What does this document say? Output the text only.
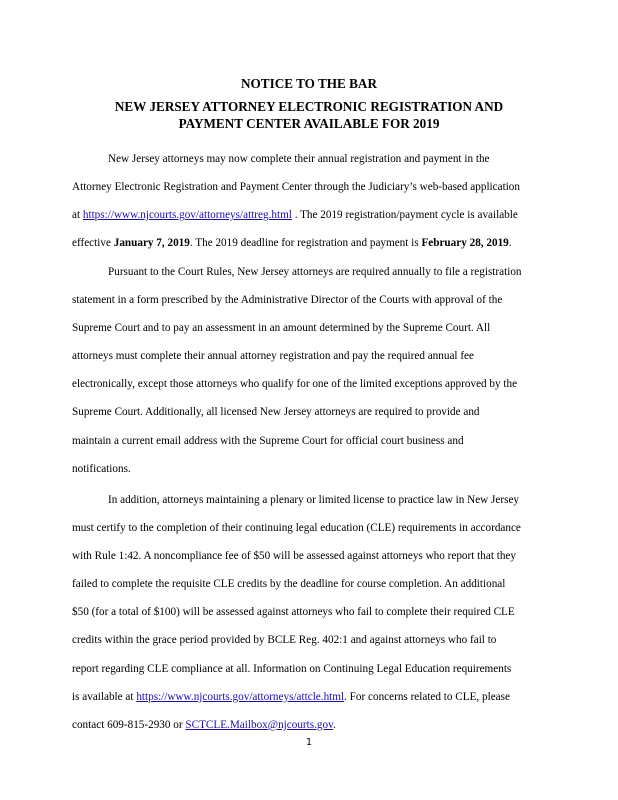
NOTICE TO THE BAR
NEW JERSEY ATTORNEY ELECTRONIC REGISTRATION AND
PAYMENT CENTER AVAILABLE FOR 2019

New Jersey attorneys may now complete their annual registration and payment in the
Attorney Electronic Registration and Payment Center through the Judiciary’s web-based application
at https://www.njcourts.gov/attorneys/attreg.html . The 2019 registration/payment cycle is available
effective January 7, 2019. The 2019 deadline for registration and payment is February 28, 2019.

Pursuant to the Court Rules, New Jersey attorneys are required annually to file a registration
statement in a form prescribed by the Administrative Director of the Courts with approval of the
Supreme Court and to pay an assessment in an amount determined by the Supreme Court. All
attorneys must complete their annual attorney registration and pay the required annual fee
electronically, except those attorneys who qualify for one of the limited exceptions approved by the
Supreme Court. Additionally, all licensed New Jersey attorneys are required to provide and
maintain a current email address with the Supreme Court for official court business and
notifications.

In addition, attorneys maintaining a plenary or limited license to practice law in New Jersey
must certify to the completion of their continuing legal education (CLE) requirements in accordance
with Rule 1:42. A noncompliance fee of $50 will be assessed against attorneys who report that they
failed to complete the requisite CLE credits by the deadline for course completion. An additional
$50 (for a total of $100) will be assessed against attorneys who fail to complete their required CLE
credits within the grace period provided by BCLE Reg. 402:1 and against attorneys who fail to
report regarding CLE compliance at all. Information on Continuing Legal Education requirements
is available at https://www.njcourts.gov/attorneys/attcle.html. For concerns related to CLE, please
contact 609-815-2930 or SCTCLE.Mailbox@njcourts.gov.

1
